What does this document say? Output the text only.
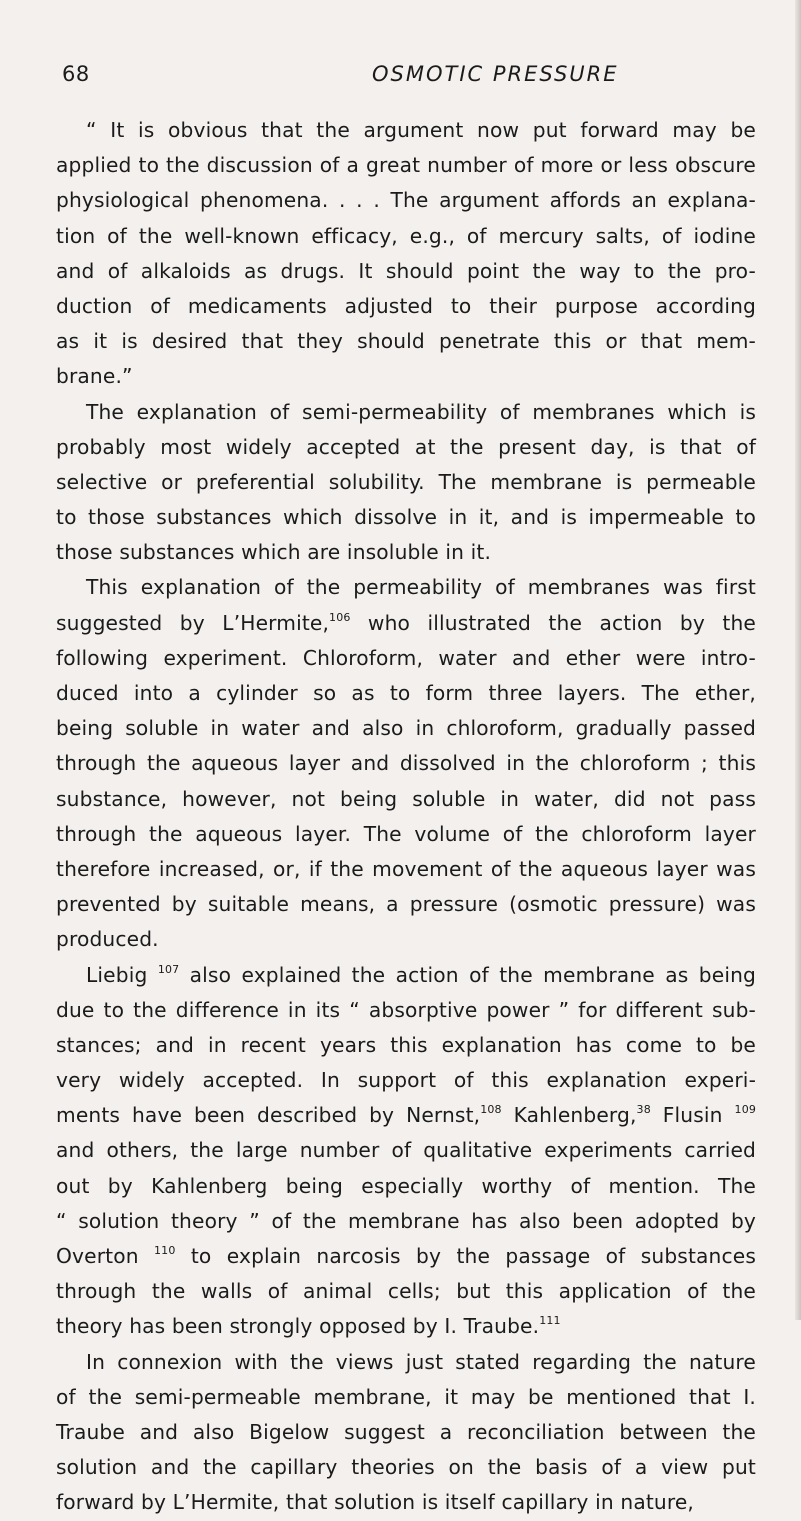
68	OSMOTIC PRESSURE
“ It is obvious that the argument now put forward may be
applied to the discussion of a great number of more or less obscure
physiological phenomena. . . . The argument affords an explana-
tion of the well-known efficacy, e.g., of mercury salts, of iodine
and of alkaloids as drugs. It should point the way to the pro-
duction of medicaments adjusted to their purpose according
as it is desired that they should penetrate this or that mem-
brane.”
The explanation of semi-permeability of membranes which is
probably most widely accepted at the present day, is that of
selective or preferential solubility. The membrane is permeable
to those substances which dissolve in it, and is impermeable to
those substances which are insoluble in it.
This explanation of the permeability of membranes was first
suggested by L’Hermite,$^{106}$ who illustrated the action by the
following experiment. Chloroform, water and ether were intro-
duced into a cylinder so as to form three layers. The ether,
being soluble in water and also in chloroform, gradually passed
through the aqueous layer and dissolved in the chloroform ; this
substance, however, not being soluble in water, did not pass
through the aqueous layer. The volume of the chloroform layer
therefore increased, or, if the movement of the aqueous layer was
prevented by suitable means, a pressure (osmotic pressure) was
produced.
Liebig $^{107}$ also explained the action of the membrane as being
due to the difference in its “ absorptive power ” for different sub-
stances; and in recent years this explanation has come to be
very widely accepted. In support of this explanation experi-
ments have been described by Nernst,$^{108}$ Kahlenberg,$^{38}$ Flusin $^{109}$
and others, the large number of qualitative experiments carried
out by Kahlenberg being especially worthy of mention. The
“ solution theory ” of the membrane has also been adopted by
Overton $^{110}$ to explain narcosis by the passage of substances
through the walls of animal cells; but this application of the
theory has been strongly opposed by I. Traube.$^{111}$
In connexion with the views just stated regarding the nature
of the semi-permeable membrane, it may be mentioned that I.
Traube and also Bigelow suggest a reconciliation between the
solution and the capillary theories on the basis of a view put
forward by L’Hermite, that solution is itself capillary in nature,
